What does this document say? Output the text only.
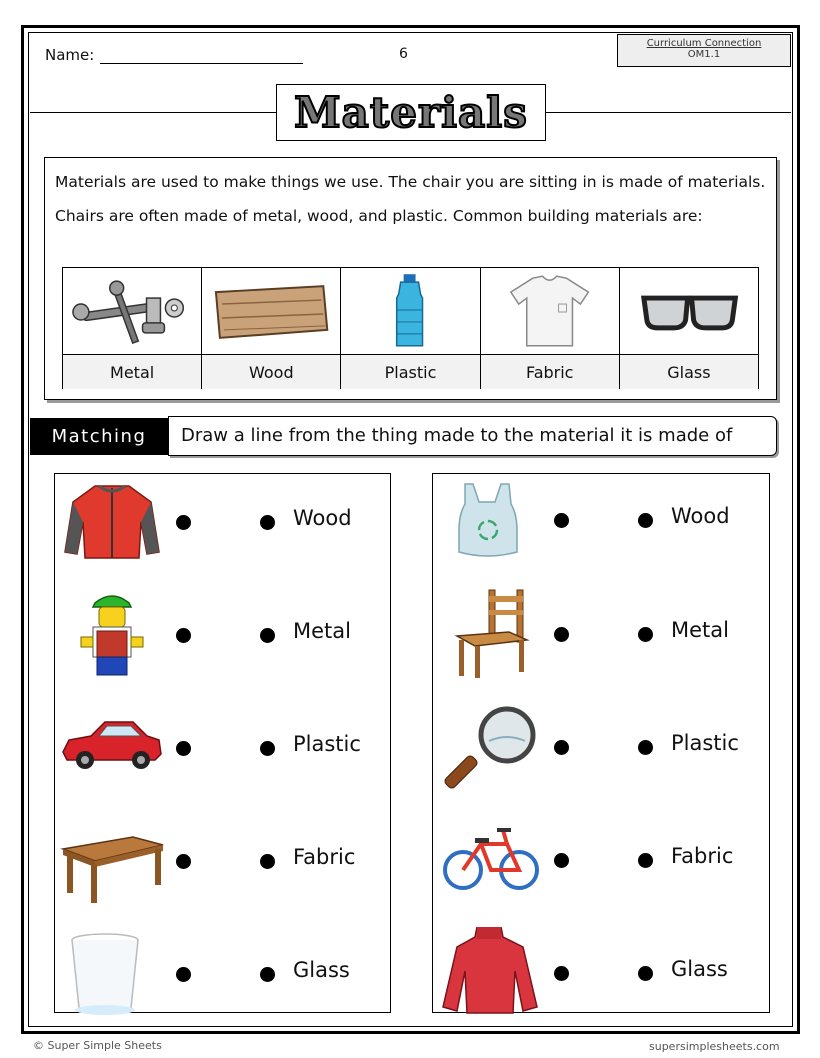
Name:	6
Curriculum Connection
OM1.1
Materials

Materials are used to make things we use. The chair you are sitting in is made of materials. Chairs are often made of metal, wood, and plastic. Common building materials are:

Metal	Wood	Plastic	Fabric	Glass
Matching	Draw a line from the thing made to the material it is made of
Wood
Metal
Plastic
Fabric
Glass
Wood
Metal
Plastic
Fabric
Glass
© Super Simple Sheets	supersimplesheets.com
